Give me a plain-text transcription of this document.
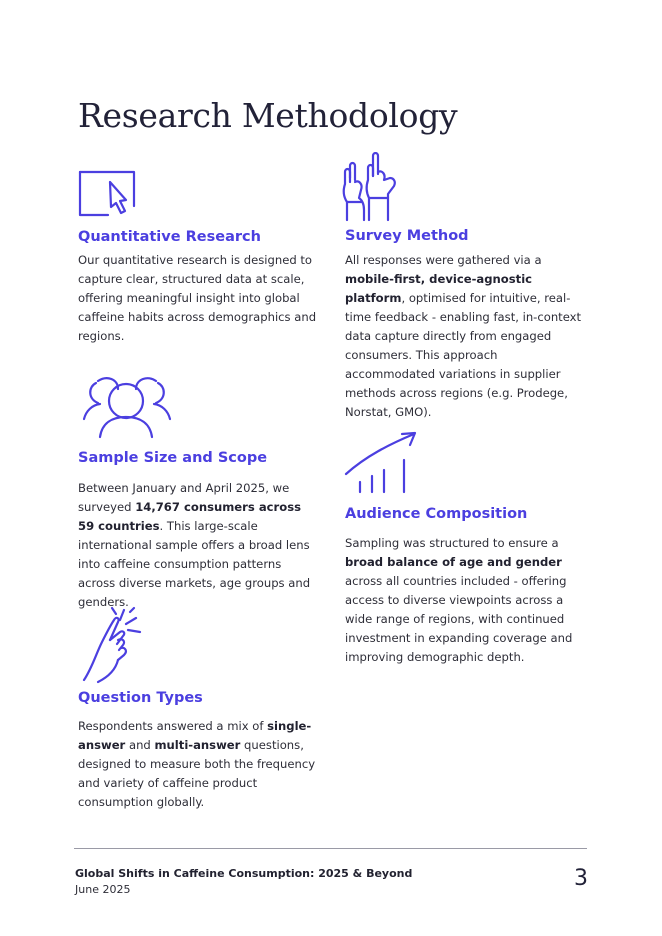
Research Methodology
Quantitative Research

Our quantitative research is designed to capture clear, structured data at scale, offering meaningful insight into global caffeine habits across demographics and regions.

Survey Method

All responses were gathered via a mobile-first, device-agnostic platform, optimised for intuitive, real-time feedback - enabling fast, in-context data capture directly from engaged consumers. This approach accommodated variations in supplier methods across regions (e.g. Prodege, Norstat, GMO).

Sample Size and Scope

Between January and April 2025, we surveyed 14,767 consumers across 59 countries. This large-scale international sample offers a broad lens into caffeine consumption patterns across diverse markets, age groups and genders.

Audience Composition

Sampling was structured to ensure a broad balance of age and gender across all countries included - offering access to diverse viewpoints across a wide range of regions, with continued investment in expanding coverage and improving demographic depth.

Question Types

Respondents answered a mix of single-answer and multi-answer questions, designed to measure both the frequency and variety of caffeine product consumption globally.

Global Shifts in Caffeine Consumption: 2025 & Beyond

June 2025	3
